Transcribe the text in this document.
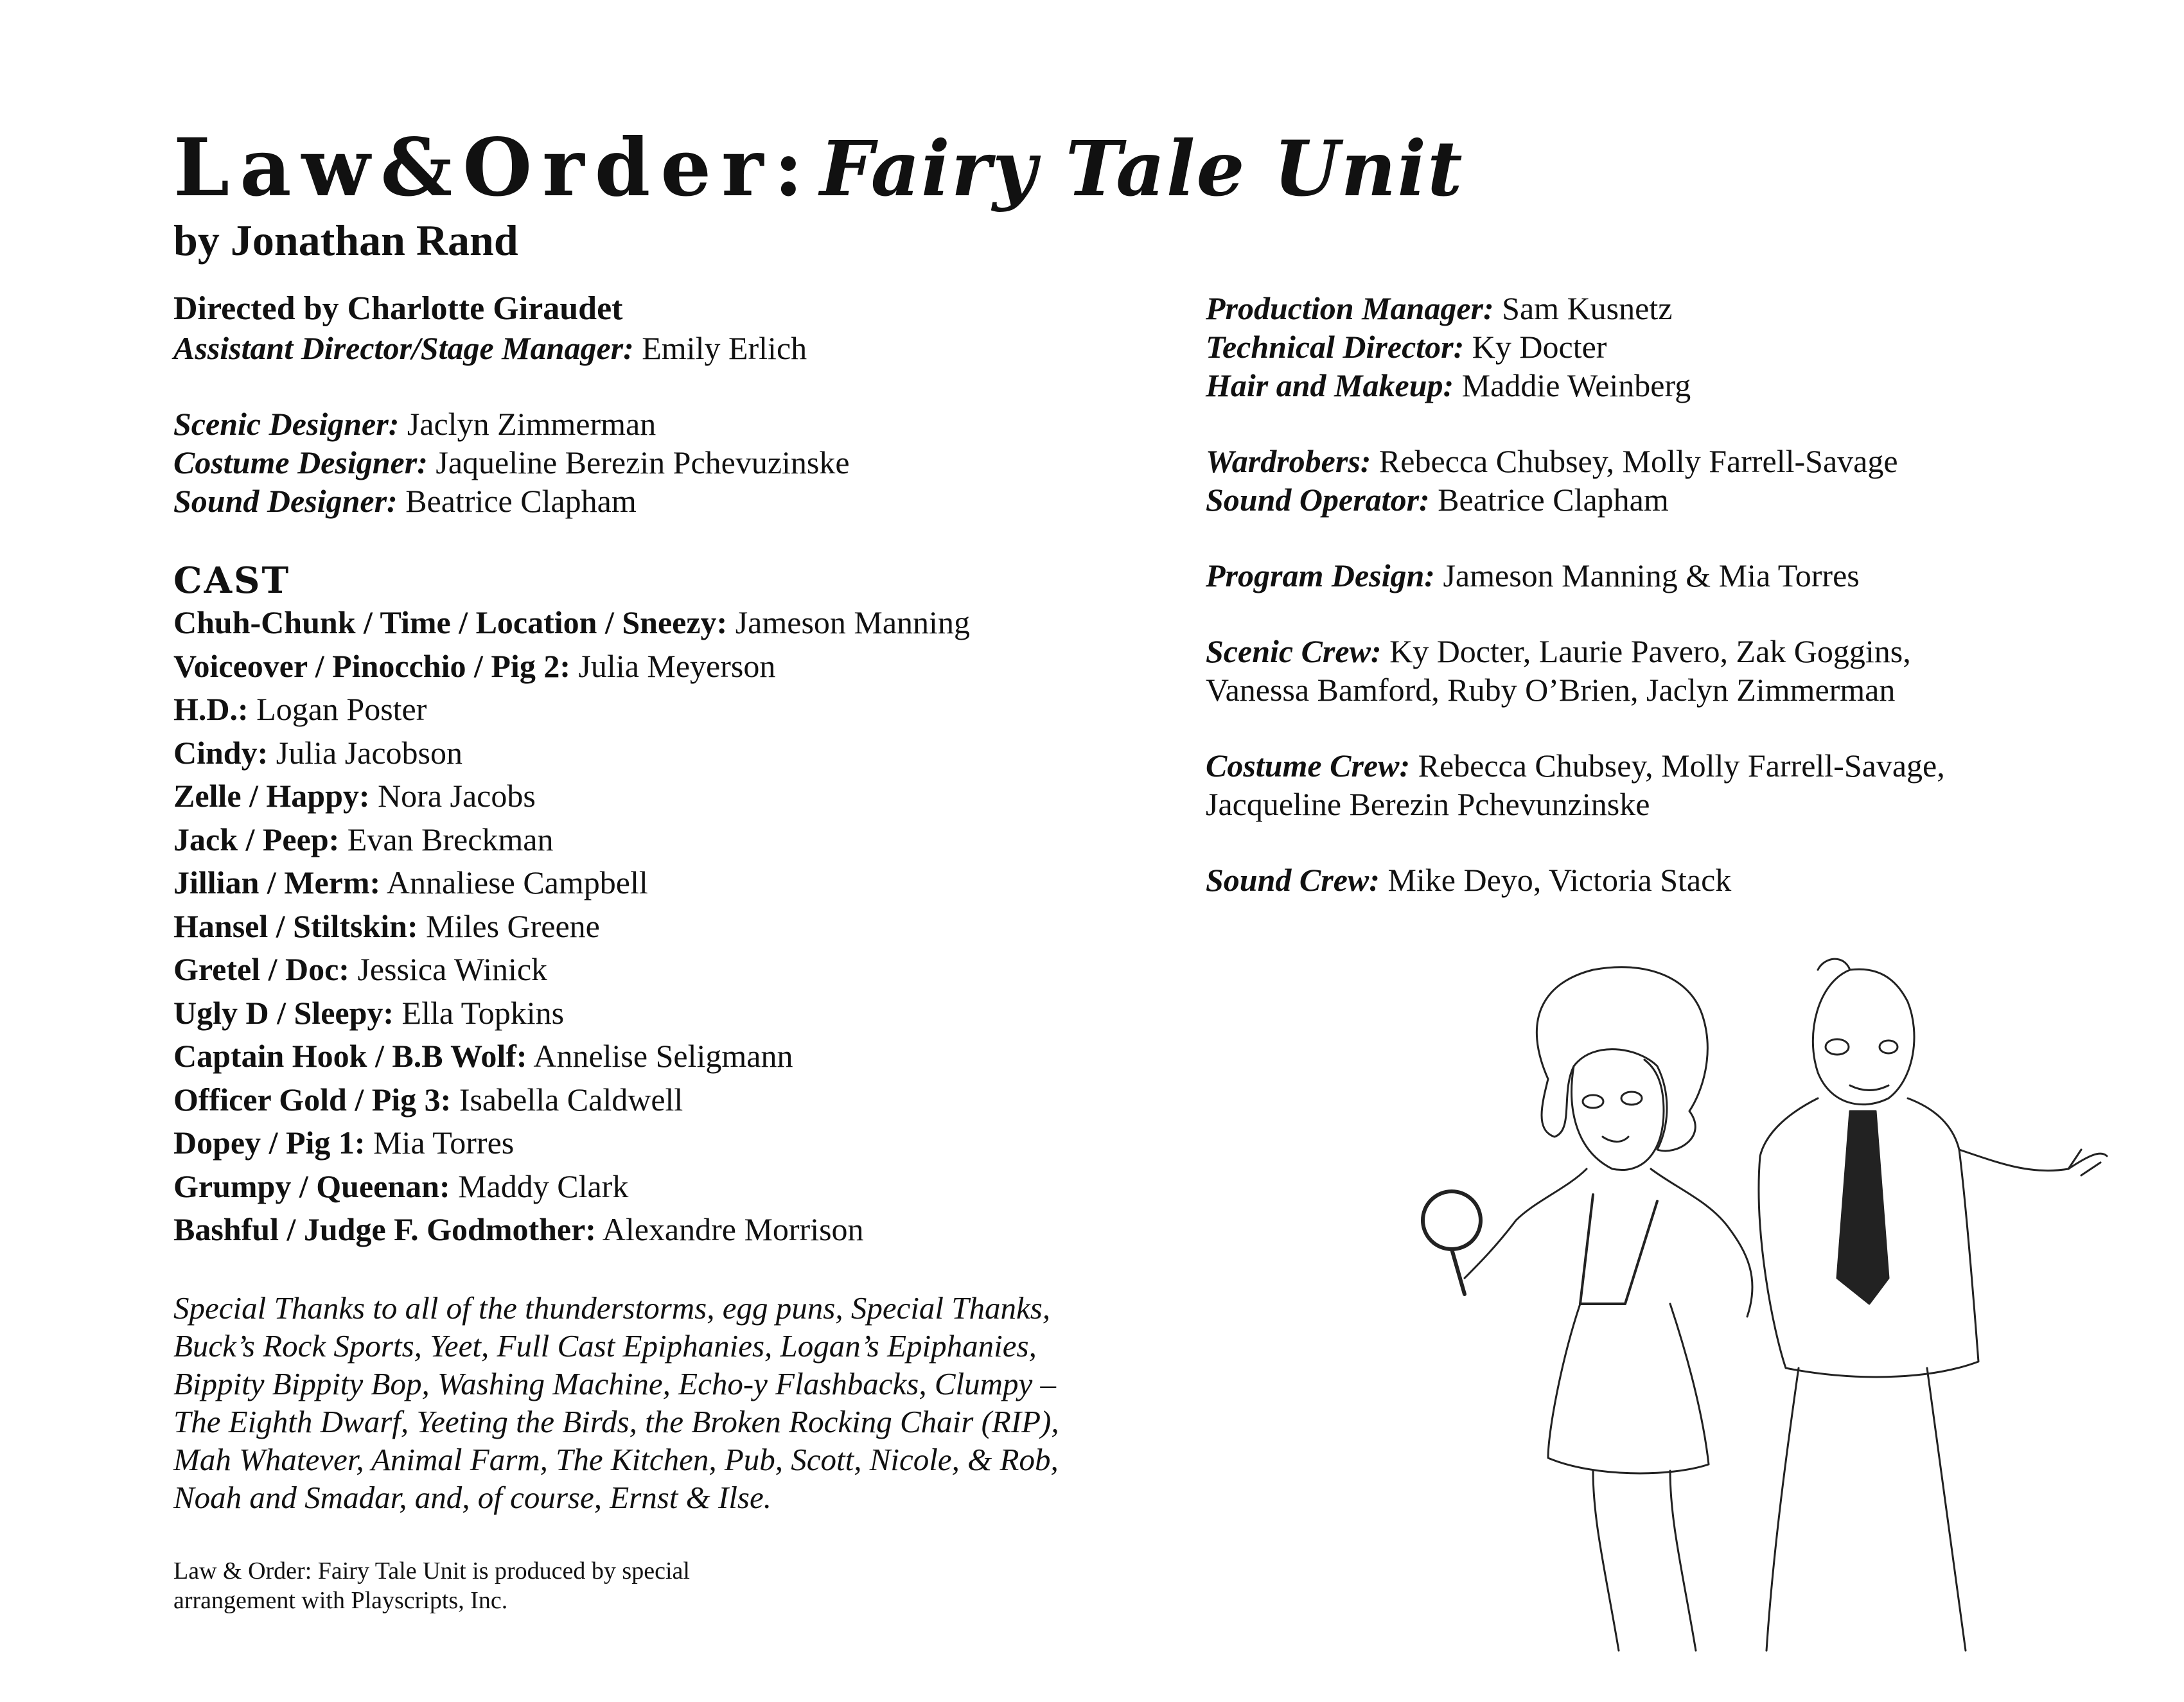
Law&Order:Fairy Tale Unit
by Jonathan Rand
Directed by Charlotte Giraudet
Assistant Director/Stage Manager: Emily Erlich
Scenic Designer: Jaclyn Zimmerman
Costume Designer: Jaqueline Berezin Pchevuzinske
Sound Designer: Beatrice Clapham
CAST
Chuh-Chunk / Time / Location / Sneezy: Jameson Manning
Voiceover / Pinocchio / Pig 2: Julia Meyerson
H.D.: Logan Poster
Cindy: Julia Jacobson
Zelle / Happy: Nora Jacobs
Jack / Peep: Evan Breckman
Jillian / Merm: Annaliese Campbell
Hansel / Stiltskin: Miles Greene
Gretel / Doc: Jessica Winick
Ugly D / Sleepy: Ella Topkins
Captain Hook / B.B Wolf: Annelise Seligmann
Officer Gold / Pig 3: Isabella Caldwell
Dopey / Pig 1: Mia Torres
Grumpy / Queenan: Maddy Clark
Bashful / Judge F. Godmother: Alexandre Morrison
Special Thanks to all of the thunderstorms, egg puns, Special Thanks,
Buck’s Rock Sports, Yeet, Full Cast Epiphanies, Logan’s Epiphanies,
Bippity Bippity Bop, Washing Machine, Echo-y Flashbacks, Clumpy –
The Eighth Dwarf, Yeeting the Birds, the Broken Rocking Chair (RIP),
Mah Whatever, Animal Farm, The Kitchen, Pub, Scott, Nicole, & Rob,
Noah and Smadar, and, of course, Ernst & Ilse.
Law & Order: Fairy Tale Unit is produced by special
arrangement with Playscripts, Inc.
Production Manager: Sam Kusnetz
Technical Director: Ky Docter
Hair and Makeup: Maddie Weinberg
Wardrobers: Rebecca Chubsey, Molly Farrell-Savage
Sound Operator: Beatrice Clapham
Program Design: Jameson Manning & Mia Torres
Scenic Crew: Ky Docter, Laurie Pavero, Zak Goggins,
Vanessa Bamford, Ruby O’Brien, Jaclyn Zimmerman
Costume Crew: Rebecca Chubsey, Molly Farrell-Savage,
Jacqueline Berezin Pchevunzinske
Sound Crew: Mike Deyo, Victoria Stack
